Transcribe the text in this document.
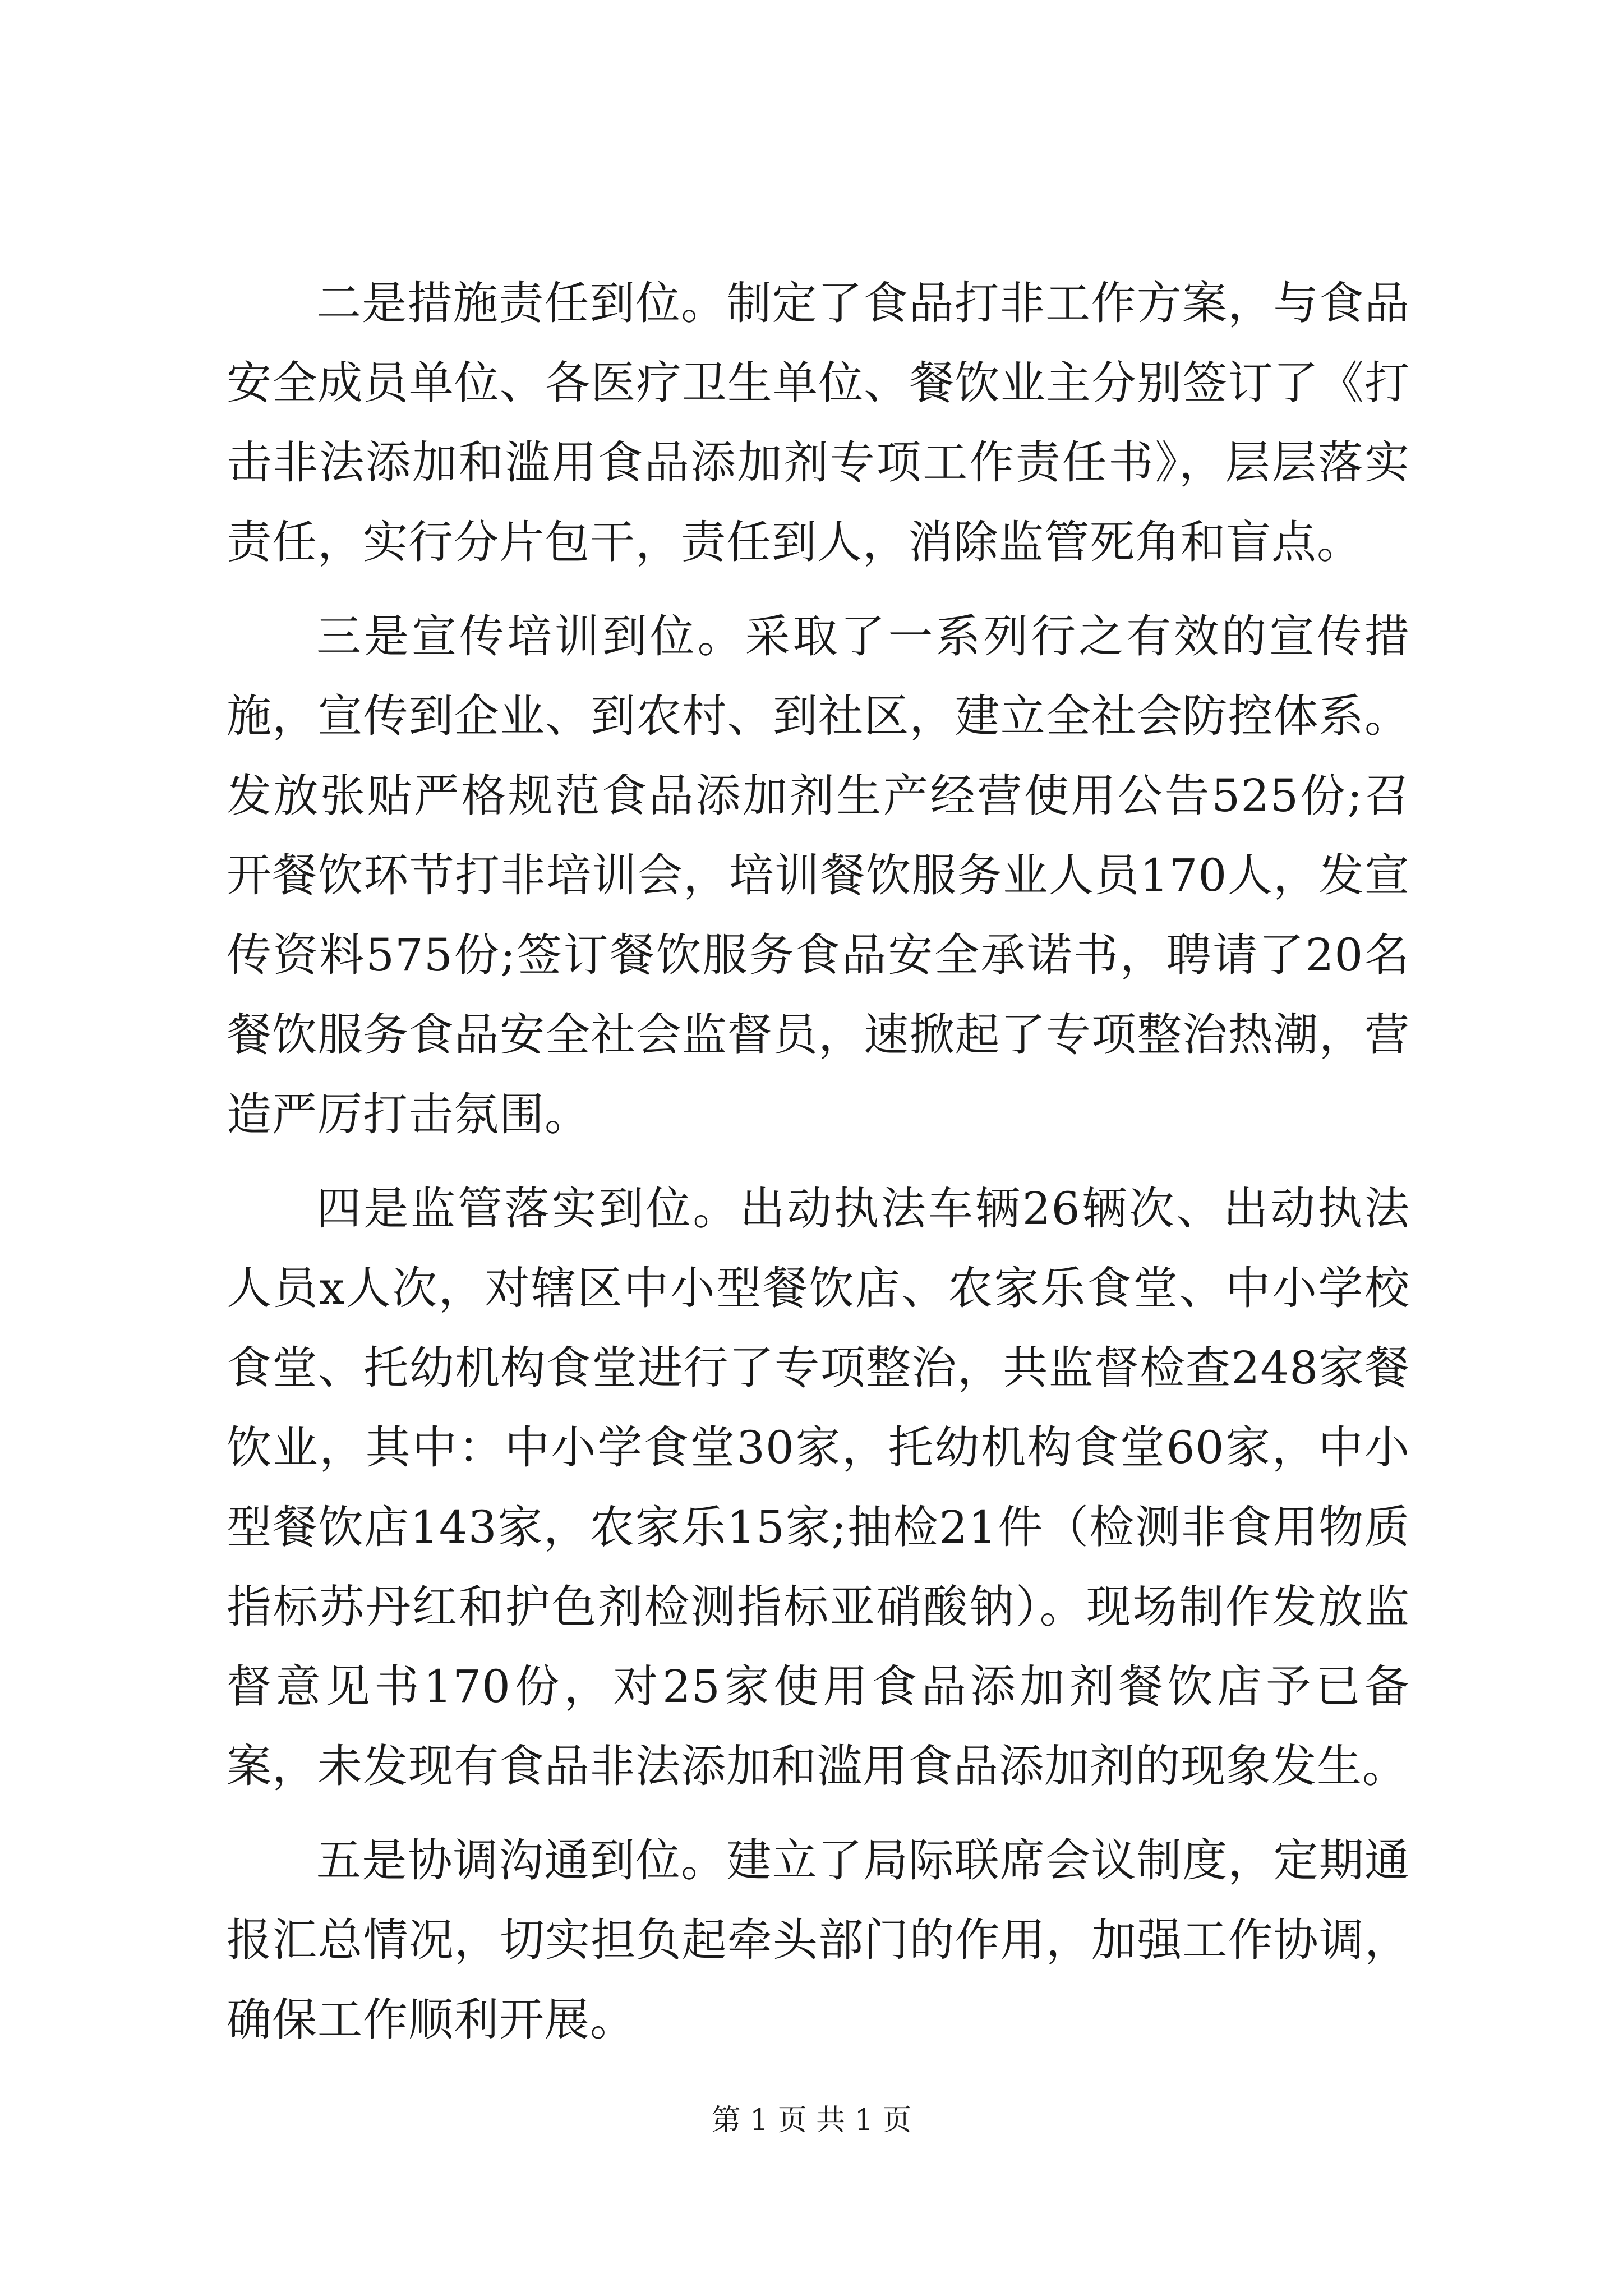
二是措施责任到位。制定了食品打非工作方案，与食品安全成员单位、各医疗卫生单位、餐饮业主分别签订了《打击非法添加和滥用食品添加剂专项工作责任书》，层层落实责任，实行分片包干，责任到人，消除监管死角和盲点。

三是宣传培训到位。采取了一系列行之有效的宣传措施，宣传到企业、到农村、到社区，建立全社会防控体系。发放张贴严格规范食品添加剂生产经营使用公告525份;召开餐饮环节打非培训会，培训餐饮服务业人员170人，发宣传资料575份;签订餐饮服务食品安全承诺书，聘请了20名餐饮服务食品安全社会监督员，速掀起了专项整治热潮，营造严厉打击氛围。

四是监管落实到位。出动执法车辆26辆次、出动执法人员x人次，对辖区中小型餐饮店、农家乐食堂、中小学校食堂、托幼机构食堂进行了专项整治，共监督检查248家餐饮业，其中：中小学食堂30家，托幼机构食堂60家，中小型餐饮店143家，农家乐15家;抽检21件（检测非食用物质指标苏丹红和护色剂检测指标亚硝酸钠）。现场制作发放监督意见书170份，对25家使用食品添加剂餐饮店予已备案，未发现有食品非法添加和滥用食品添加剂的现象发生。

五是协调沟通到位。建立了局际联席会议制度，定期通报汇总情况，切实担负起牵头部门的作用，加强工作协调，确保工作顺利开展。

第 1 页 共 1 页
